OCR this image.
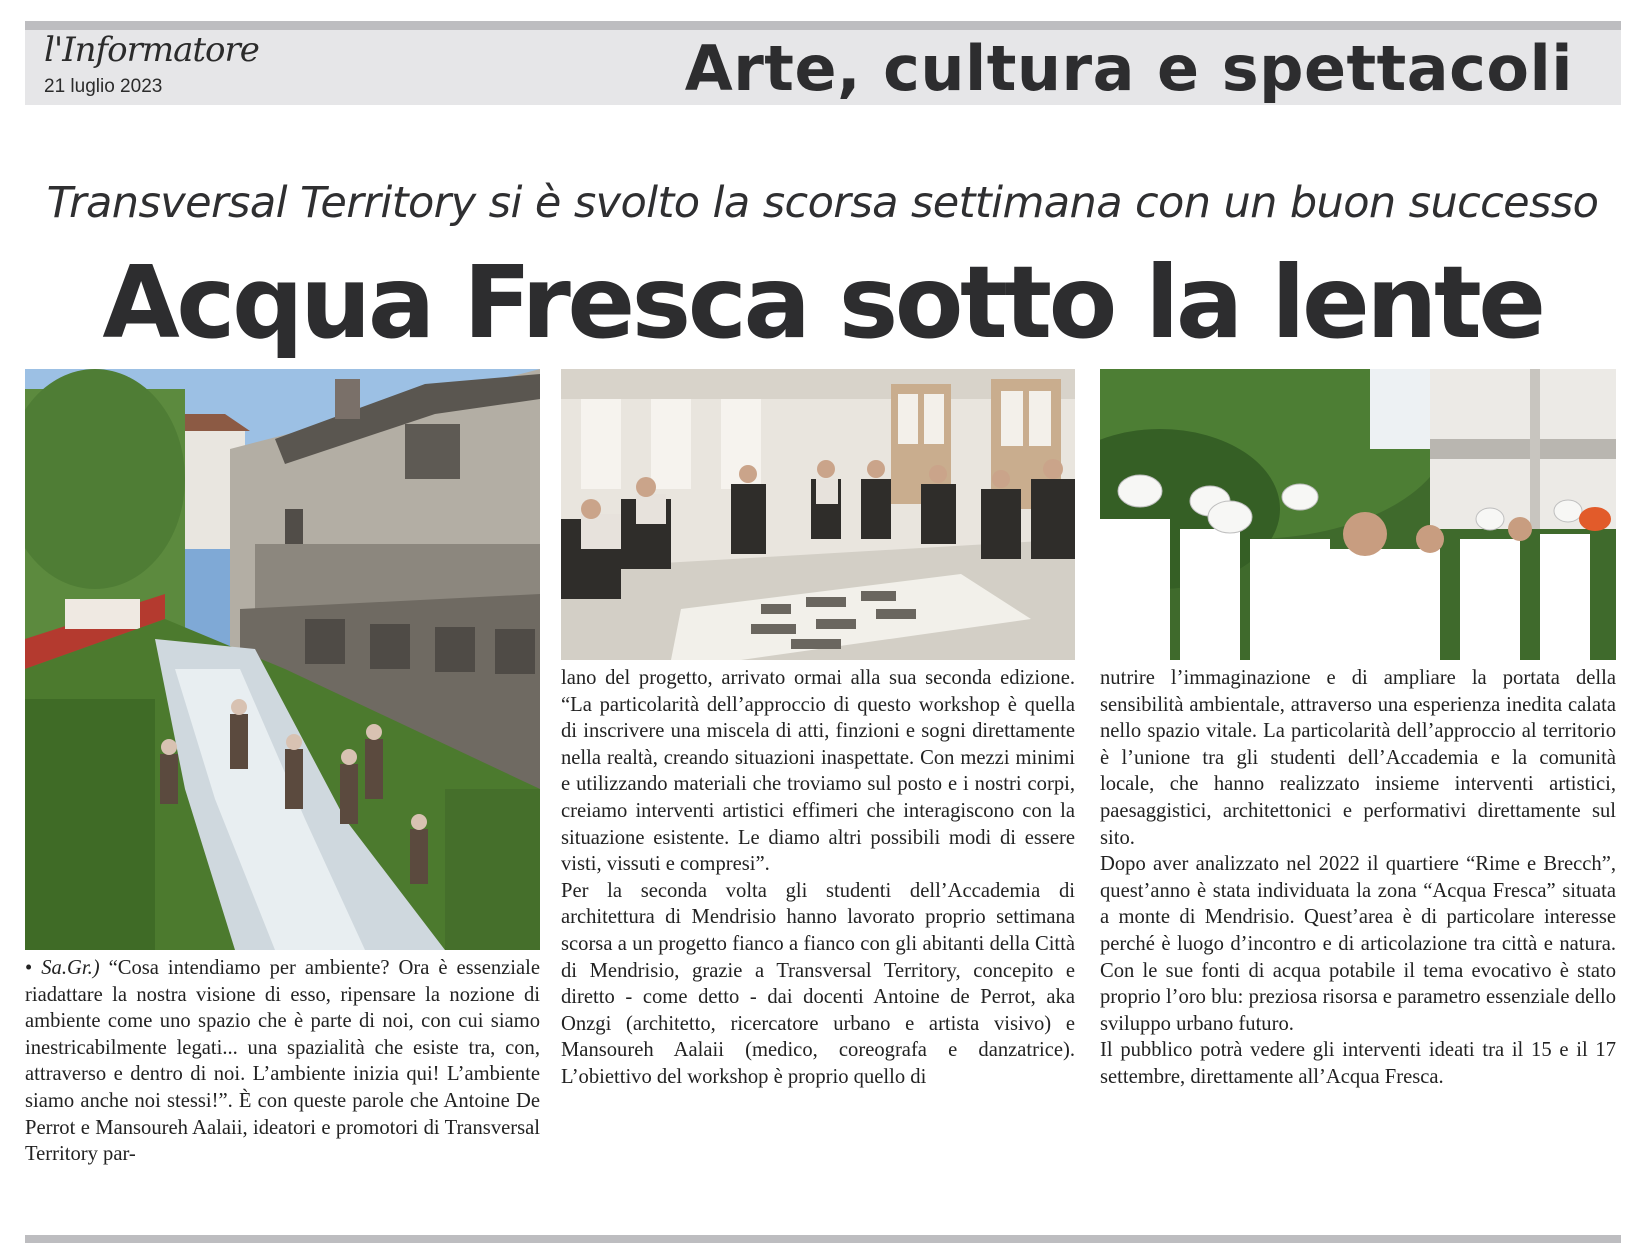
l'Informatore
21 luglio 2023	Arte, cultura e spettacoli
Transversal Territory si è svolto la scorsa settimana con un buon successo
Acqua Fresca sotto la lente

• Sa.Gr.) “Cosa intendiamo per ambiente? Ora è essenziale riadattare la nostra visione di esso, ripensare la nozione di ambiente come uno spazio che è parte di noi, con cui siamo inestricabilmente legati... una spazialità che esiste tra, con, attraverso e dentro di noi. L’ambiente inizia qui! L’ambiente siamo anche noi stessi!”. È con queste parole che Antoine De Perrot e Mansoureh Aalaii, ideatori e promotori di Transversal Territory par-

lano del progetto, arrivato ormai alla sua seconda edizione. “La particolarità dell’approccio di questo workshop è quella di inscrivere una miscela di atti, finzioni e sogni direttamente nella realtà, creando situazioni inaspettate. Con mezzi minimi e utilizzando materiali che troviamo sul posto e i nostri corpi, creiamo interventi artistici effimeri che interagiscono con la situazione esistente. Le diamo altri possibili modi di essere visti, vissuti e compresi”.

Per la seconda volta gli studenti dell’Accademia di architettura di Mendrisio hanno lavorato proprio settimana scorsa a un progetto fianco a fianco con gli abitanti della Città di Mendrisio, grazie a Transversal Territory, concepito e diretto - come detto - dai docenti Antoine de Perrot, aka Onzgi (architetto, ricercatore urbano e artista visivo) e Mansoureh Aalaii (medico, coreografa e danzatrice). L’obiettivo del workshop è proprio quello di

nutrire l’immaginazione e di ampliare la portata della sensibilità ambientale, attraverso una esperienza inedita calata nello spazio vitale. La particolarità dell’approccio al territorio è l’unione tra gli studenti dell’Accademia e la comunità locale, che hanno realizzato insieme interventi artistici, paesaggistici, architettonici e performativi direttamente sul sito.

Dopo aver analizzato nel 2022 il quartiere “Rime e Brecch”, quest’anno è stata individuata la zona “Acqua Fresca” situata a monte di Mendrisio. Quest’area è di particolare interesse perché è luogo d’incontro e di articolazione tra città e natura. Con le sue fonti di acqua potabile il tema evocativo è stato proprio l’oro blu: preziosa risorsa e parametro essenziale dello sviluppo urbano futuro.

Il pubblico potrà vedere gli interventi ideati tra il 15 e il 17 settembre, direttamente all’Acqua Fresca.
